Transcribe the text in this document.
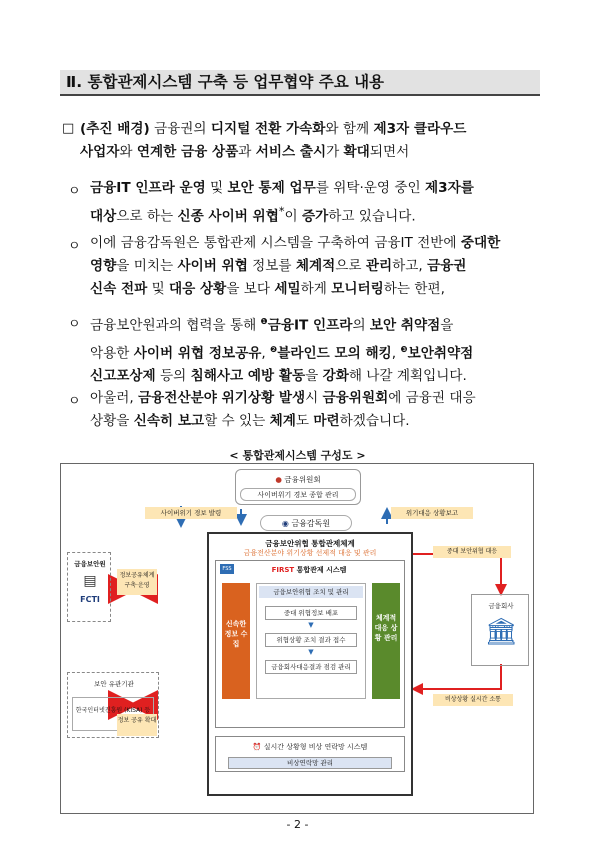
Ⅱ. 통합관제시스템 구축 등 업무협약 주요 내용
□ (추진 배경) 금융권의 디지털 전환 가속화와 함께 제3자 클라우드
사업자와 연계한 금융 상품과 서비스 출시가 확대되면서
ㅇ 금융IT 인프라 운영 및 보안 통제 업무를 위탁·운영 중인 제3자를
대상으로 하는 신종 사이버 위협*이 증가하고 있습니다.
ㅇ 이에 금융감독원은 통합관제 시스템을 구축하여 금융IT 전반에 중대한
영향을 미치는 사이버 위협 정보를 체계적으로 관리하고, 금융권
신속 전파 및 대응 상황을 보다 세밀하게 모니터링하는 한편,
ㅇ 금융보안원과의 협력을 통해 $^❶$금융IT 인프라의 보안 취약점을
악용한 사이버 위협 정보공유, $^❷$블라인드 모의 해킹, $^❸$보안취약점
신고포상제 등의 침해사고 예방 활동을 강화해 나갈 계획입니다.
ㅇ 아울러, 금융전산분야 위기상황 발생시 금융위원회에 금융권 대응
상황을 신속히 보고할 수 있는 체계도 마련하겠습니다.
< 통합관제시스템 구성도 >
● 금융위원회
사이버위기 경보 종합 관리
사이버위기 경보 발령	위기대응 상황보고
◉ 금융감독원
금융보안위협 통합관제체계
금융전산분야 위기상황 선제적 대응 및 관리
FSS	FIRST 통합관제 시스템
신속한 정보 수집
체계적 대응 상황 관리
금융보안위협 조치 및 관리
중대 위협정보 배포
▼
위협상황 조치 결과 접수
▼
금융회사대응결과 점검 관리
⏰ 실시간 상황형 비상 연락망 시스템
비상연락망 관리
금융보안원
▤
FCTI
정보공유체계 구축·운영
보안 유관기관
한국인터넷진흥원 (KISA) 등
정보 공유 확대
중대 보안위협 대응
금융회사
🏛
비상상황 실시간 소통
- 2 -
